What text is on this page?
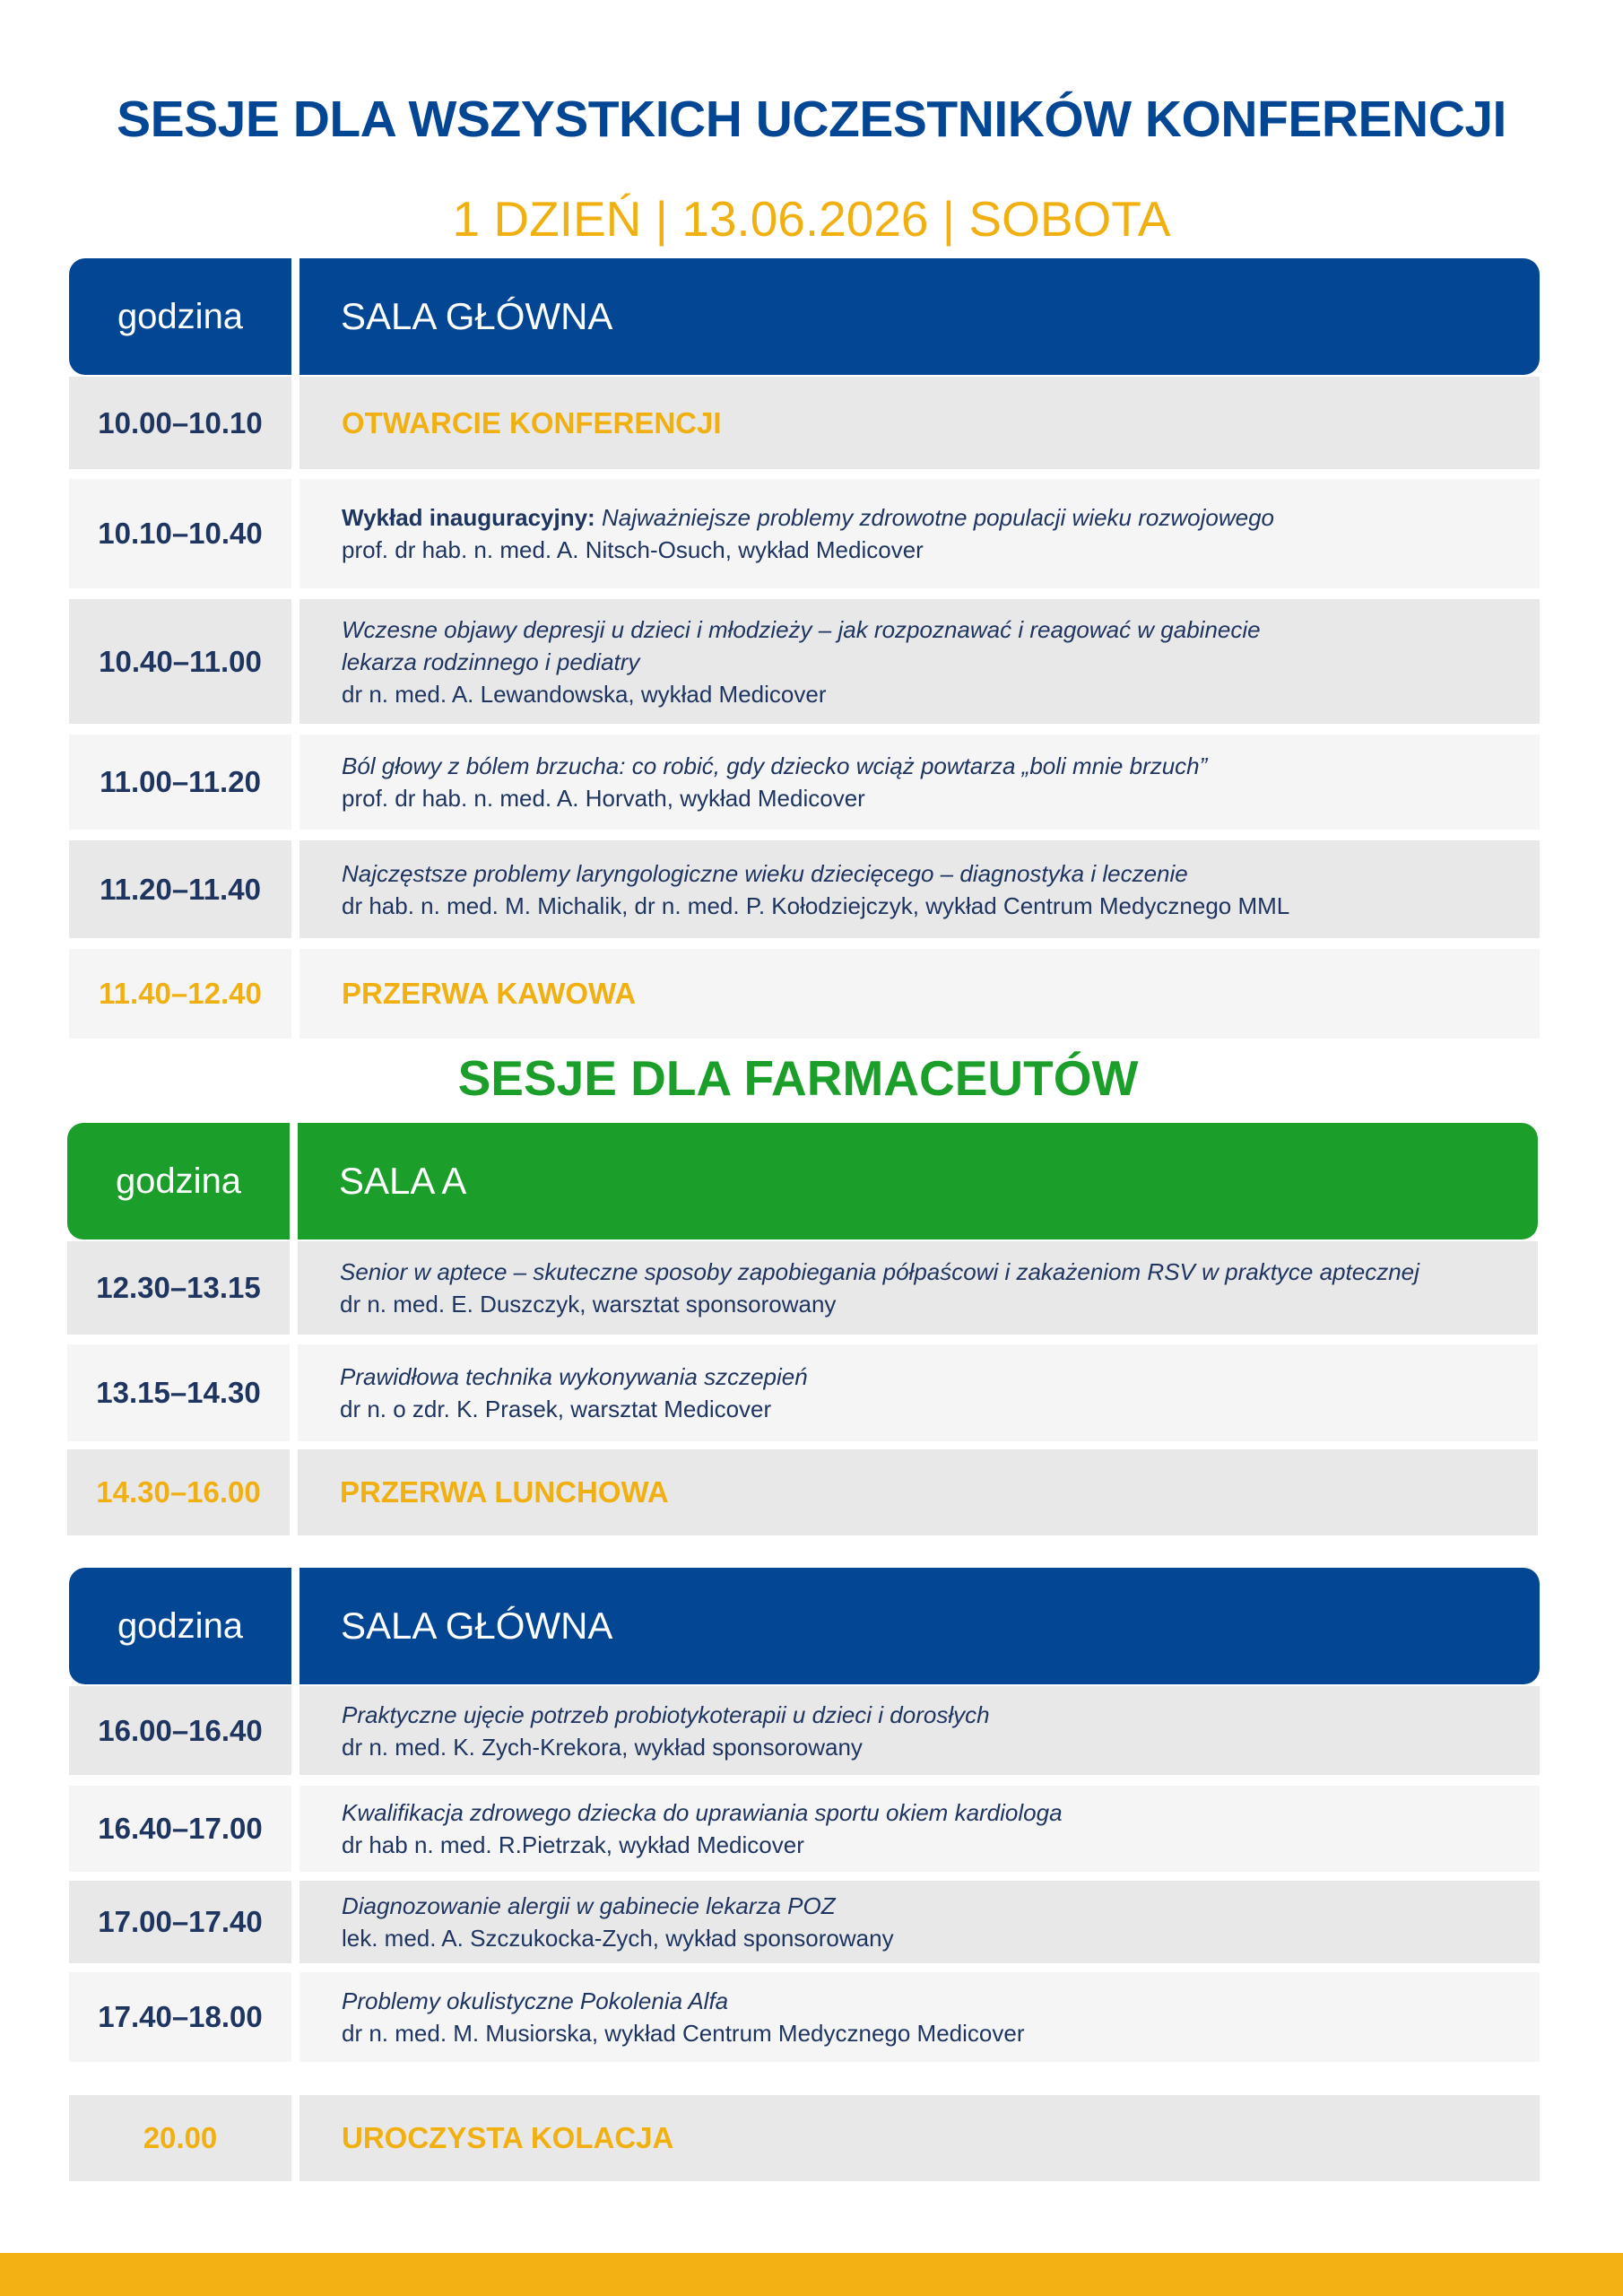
SESJE DLA WSZYSTKICH UCZESTNIKÓW KONFERENCJI
1 DZIEŃ | 13.06.2026 | SOBOTA
godzina	SALA GŁÓWNA
10.00–10.10	OTWARCIE KONFERENCJI
10.10–10.40	Wykład inauguracyjny: Najważniejsze problemy zdrowotne populacji wieku rozwojowego
prof. dr hab. n. med. A. Nitsch-Osuch, wykład Medicover
10.40–11.00
Wczesne objawy depresji u dzieci i młodzieży – jak rozpoznawać i reagować w gabinecie
lekarza rodzinnego i pediatry
dr n. med. A. Lewandowska, wykład Medicover
11.00–11.20	Ból głowy z bólem brzucha: co robić, gdy dziecko wciąż powtarza „boli mnie brzuch”
prof. dr hab. n. med. A. Horvath, wykład Medicover
11.20–11.40	Najczęstsze problemy laryngologiczne wieku dziecięcego – diagnostyka i leczenie
dr hab. n. med. M. Michalik, dr n. med. P. Kołodziejczyk, wykład Centrum Medycznego MML
11.40–12.40	PRZERWA KAWOWA
SESJE DLA FARMACEUTÓW
godzina	SALA A
12.30–13.15	Senior w aptece – skuteczne sposoby zapobiegania półpaścowi i zakażeniom RSV w praktyce aptecznej
dr n. med. E. Duszczyk, warsztat sponsorowany
13.15–14.30	Prawidłowa technika wykonywania szczepień
dr n. o zdr. K. Prasek, warsztat Medicover
14.30–16.00	PRZERWA LUNCHOWA
godzina	SALA GŁÓWNA
16.00–16.40	Praktyczne ujęcie potrzeb probiotykoterapii u dzieci i dorosłych
dr n. med. K. Zych-Krekora, wykład sponsorowany
16.40–17.00	Kwalifikacja zdrowego dziecka do uprawiania sportu okiem kardiologa
dr hab n. med. R.Pietrzak, wykład Medicover
17.00–17.40	Diagnozowanie alergii w gabinecie lekarza POZ
lek. med. A. Szczukocka-Zych, wykład sponsorowany
17.40–18.00	Problemy okulistyczne Pokolenia Alfa
dr n. med. M. Musiorska, wykład Centrum Medycznego Medicover
20.00	UROCZYSTA KOLACJA
